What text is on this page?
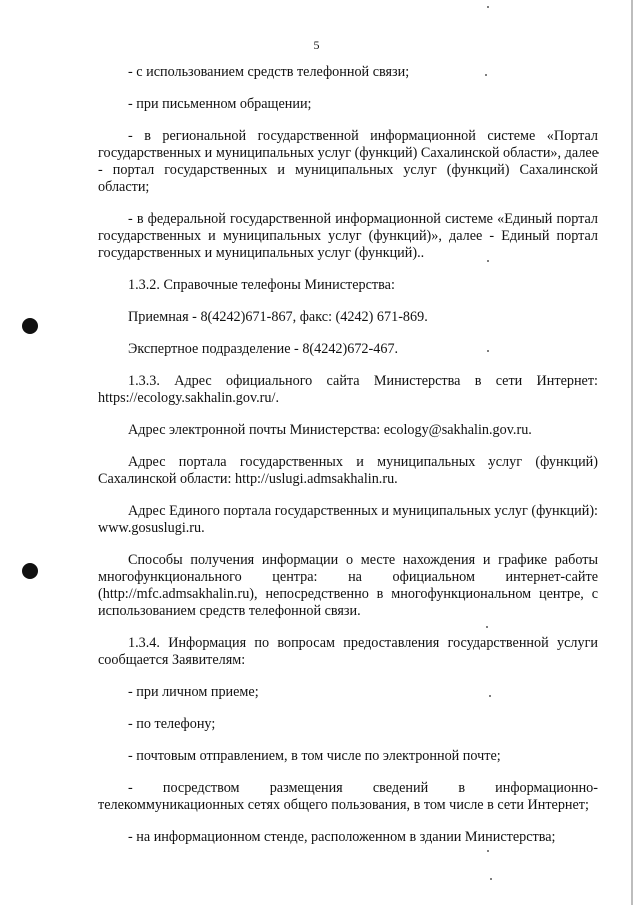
5

- с использованием средств телефонной связи;

- при письменном обращении;

- в региональной государственной информационной системе «Портал государственных и муниципальных услуг (функций) Сахалинской области», далее - портал государственных и муниципальных услуг (функций) Сахалинской области;

- в федеральной государственной информационной системе «Единый портал государственных и муниципальных услуг (функций)», далее - Единый портал государственных и муниципальных услуг (функций)..

1.3.2. Справочные телефоны Министерства:

Приемная - 8(4242)671-867, факс: (4242) 671-869.

Экспертное подразделение - 8(4242)672-467.

1.3.3. Адрес официального сайта Министерства в сети Интернет: https://ecology.sakhalin.gov.ru/.

Адрес электронной почты Министерства: ecology@sakhalin.gov.ru.

Адрес портала государственных и муниципальных услуг (функций) Сахалинской области: http://uslugi.admsakhalin.ru.

Адрес Единого портала государственных и муниципальных услуг (функций): www.gosuslugi.ru.

Способы получения информации о месте нахождения и графике работы многофункционального центра: на официальном интернет-сайте (http://mfc.admsakhalin.ru), непосредственно в многофункциональном центре, с использованием средств телефонной связи.

1.3.4. Информация по вопросам предоставления государственной услуги сообщается Заявителям:

- при личном приеме;

- по телефону;

- почтовым отправлением, в том числе по электронной почте;

- посредством размещения сведений в информационно-телекоммуникационных сетях общего пользования, в том числе в сети Интернет;

- на информационном стенде, расположенном в здании Министерства;
